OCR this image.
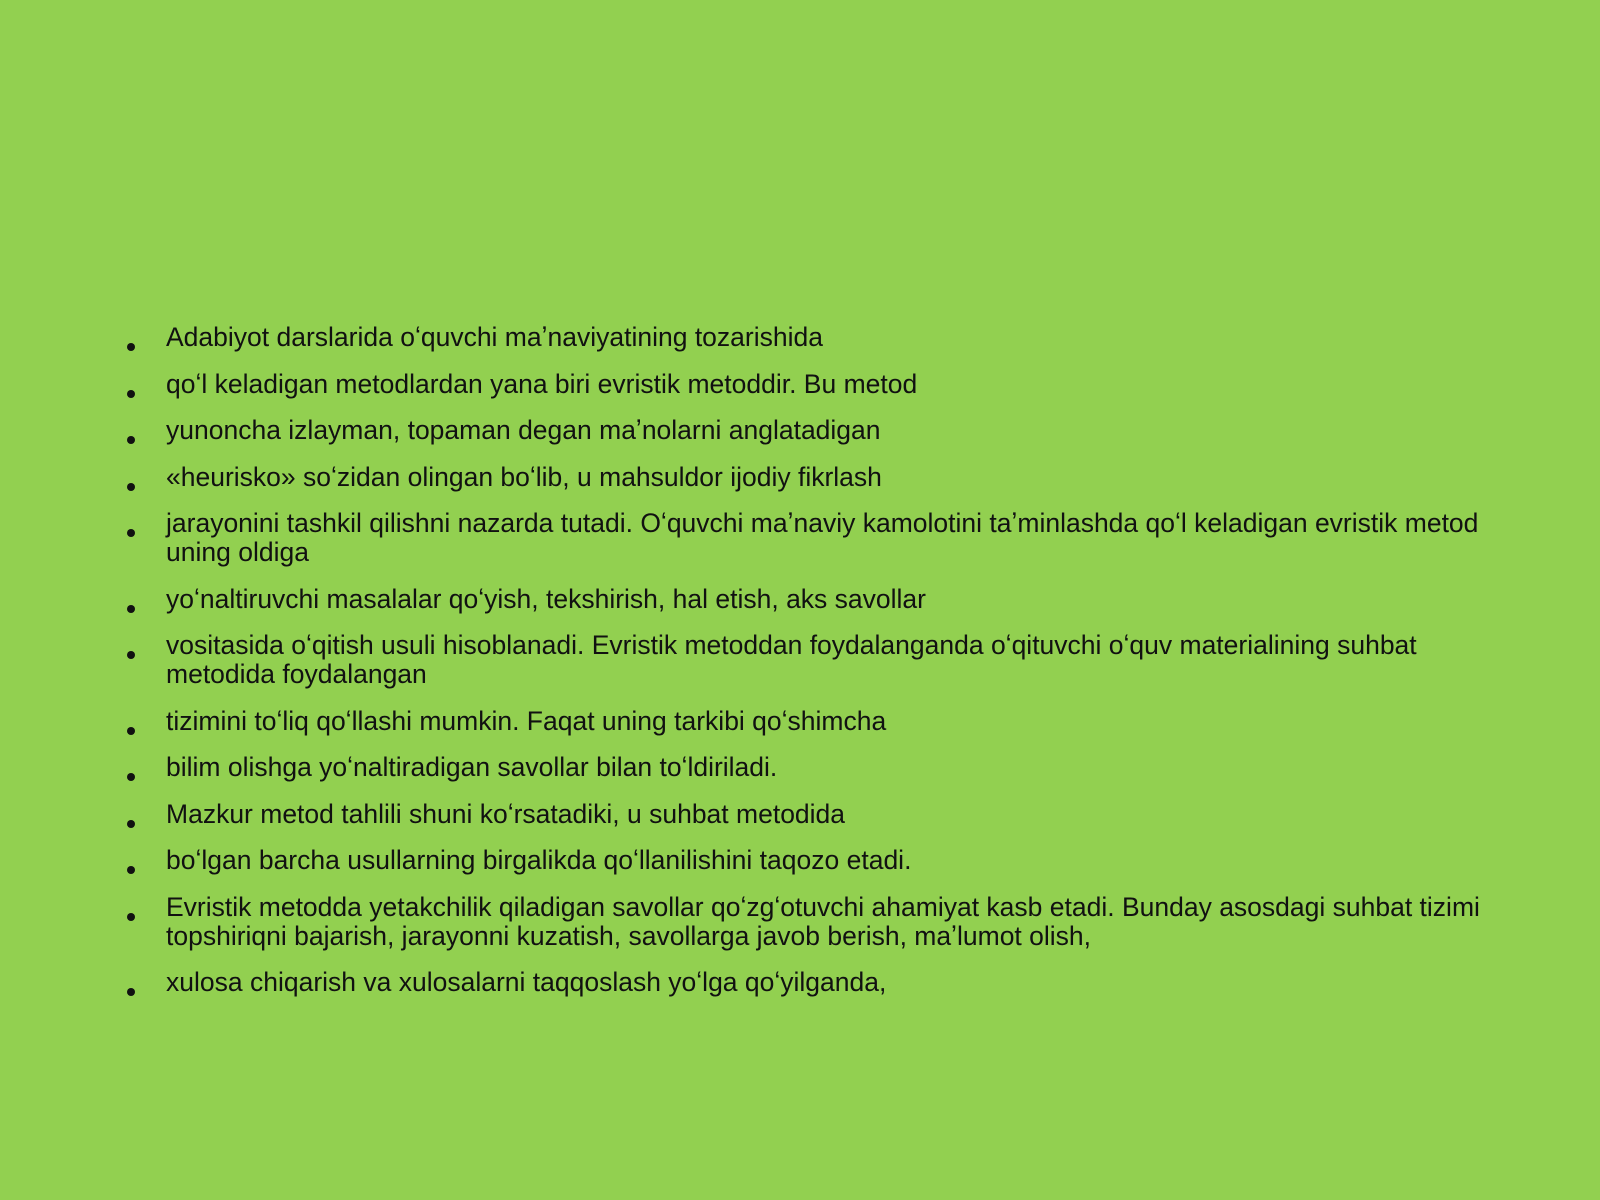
Adabiyot darslarida oʻquvchi maʼnaviyatining tozarishida
qoʻl keladigan metodlardan yana biri evristik metoddir. Bu metod
yunoncha izlayman, topaman degan maʼnolarni anglatadigan
«heurisko» soʻzidan olingan boʻlib, u mahsuldor ijodiy fikrlash
jarayonini tashkil qilishni nazarda tutadi. Oʻquvchi maʼnaviy kamolotini taʼminlashda qoʻl keladigan evristik metod uning oldiga
yoʻnaltiruvchi masalalar qoʻyish, tekshirish, hal etish, aks savollar
vositasida oʻqitish usuli hisoblanadi. Evristik metoddan foydalanganda oʻqituvchi oʻquv materialining suhbat metodida foydalangan
tizimini toʻliq qoʻllashi mumkin. Faqat uning tarkibi qoʻshimcha
bilim olishga yoʻnaltiradigan savollar bilan toʻldiriladi.
Mazkur metod tahlili shuni koʻrsatadiki, u suhbat metodida
boʻlgan barcha usullarning birgalikda qoʻllanilishini taqozo etadi.
Evristik metodda yetakchilik qiladigan savollar qoʻzgʻotuvchi ahamiyat kasb etadi. Bunday asosdagi suhbat tizimi topshiriqni bajarish, jarayonni kuzatish, savollarga javob berish, maʼlumot olish,
xulosa chiqarish va xulosalarni taqqoslash yoʻlga qoʻyilganda,
